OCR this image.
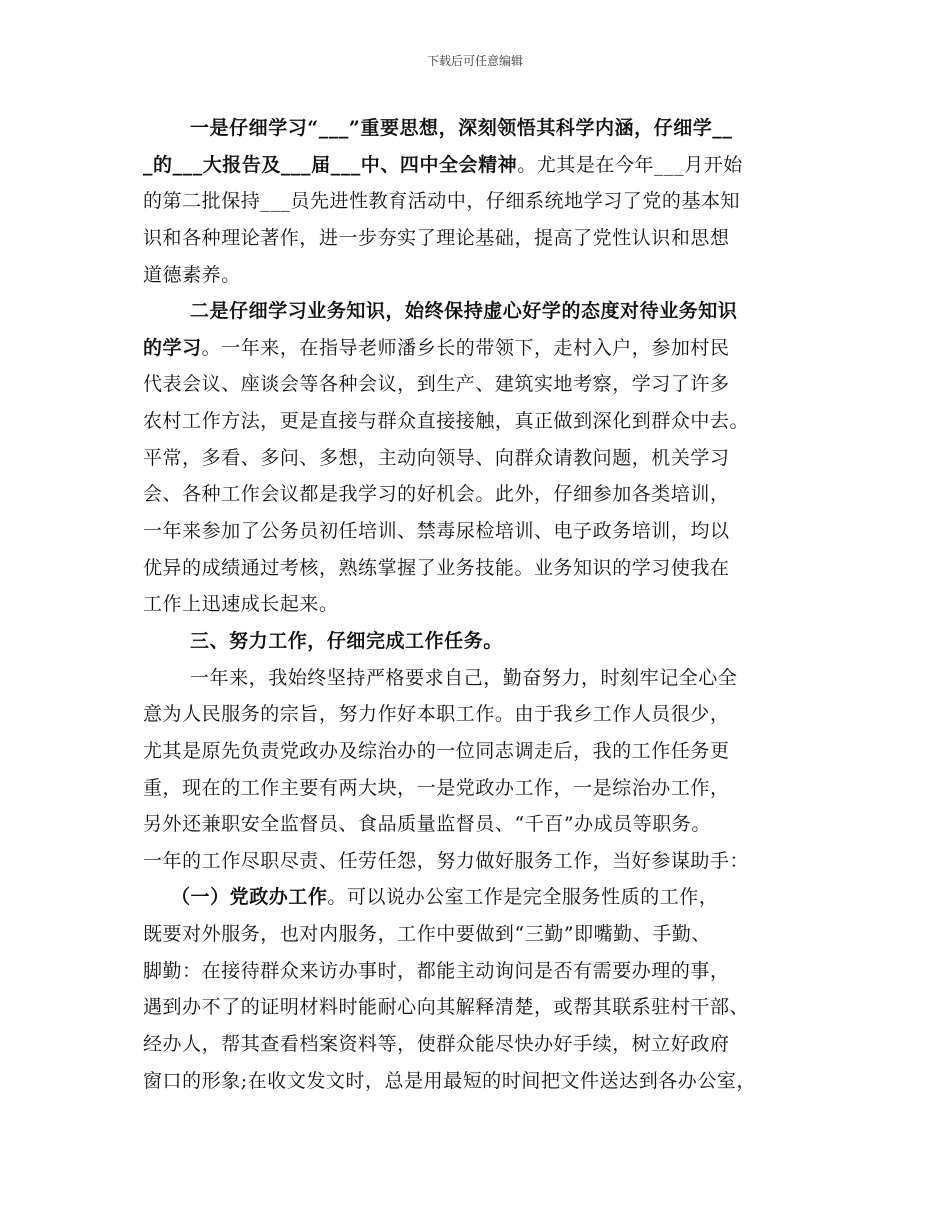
下载后可任意编辑
一是仔细学习“___”重要思想，深刻领悟其科学内涵，仔细学__
_的___大报告及___届___中、四中全会精神。尤其是在今年___月开始
的第二批保持___员先进性教育活动中，仔细系统地学习了党的基本知
识和各种理论著作，进一步夯实了理论基础，提高了党性认识和思想
道德素养。
二是仔细学习业务知识，始终保持虚心好学的态度对待业务知识
的学习。一年来，在指导老师潘乡长的带领下，走村入户，参加村民
代表会议、座谈会等各种会议，到生产、建筑实地考察，学习了许多
农村工作方法，更是直接与群众直接接触，真正做到深化到群众中去。
平常，多看、多问、多想，主动向领导、向群众请教问题，机关学习
会、各种工作会议都是我学习的好机会。此外，仔细参加各类培训，
一年来参加了公务员初任培训、禁毒尿检培训、电子政务培训，均以
优异的成绩通过考核，熟练掌握了业务技能。业务知识的学习使我在
工作上迅速成长起来。
三、努力工作，仔细完成工作任务。
一年来，我始终坚持严格要求自己，勤奋努力，时刻牢记全心全
意为人民服务的宗旨，努力作好本职工作。由于我乡工作人员很少，
尤其是原先负责党政办及综治办的一位同志调走后，我的工作任务更
重，现在的工作主要有两大块，一是党政办工作，一是综治办工作，
另外还兼职安全监督员、食品质量监督员、“千百”办成员等职务。
一年的工作尽职尽责、任劳任怨，努力做好服务工作，当好参谋助手：
（一）党政办工作。可以说办公室工作是完全服务性质的工作，
既要对外服务，也对内服务，工作中要做到“三勤”即嘴勤、手勤、
脚勤：在接待群众来访办事时，都能主动询问是否有需要办理的事，
遇到办不了的证明材料时能耐心向其解释清楚，或帮其联系驻村干部、
经办人，帮其查看档案资料等，使群众能尽快办好手续，树立好政府
窗口的形象;在收文发文时，总是用最短的时间把文件送达到各办公室，
